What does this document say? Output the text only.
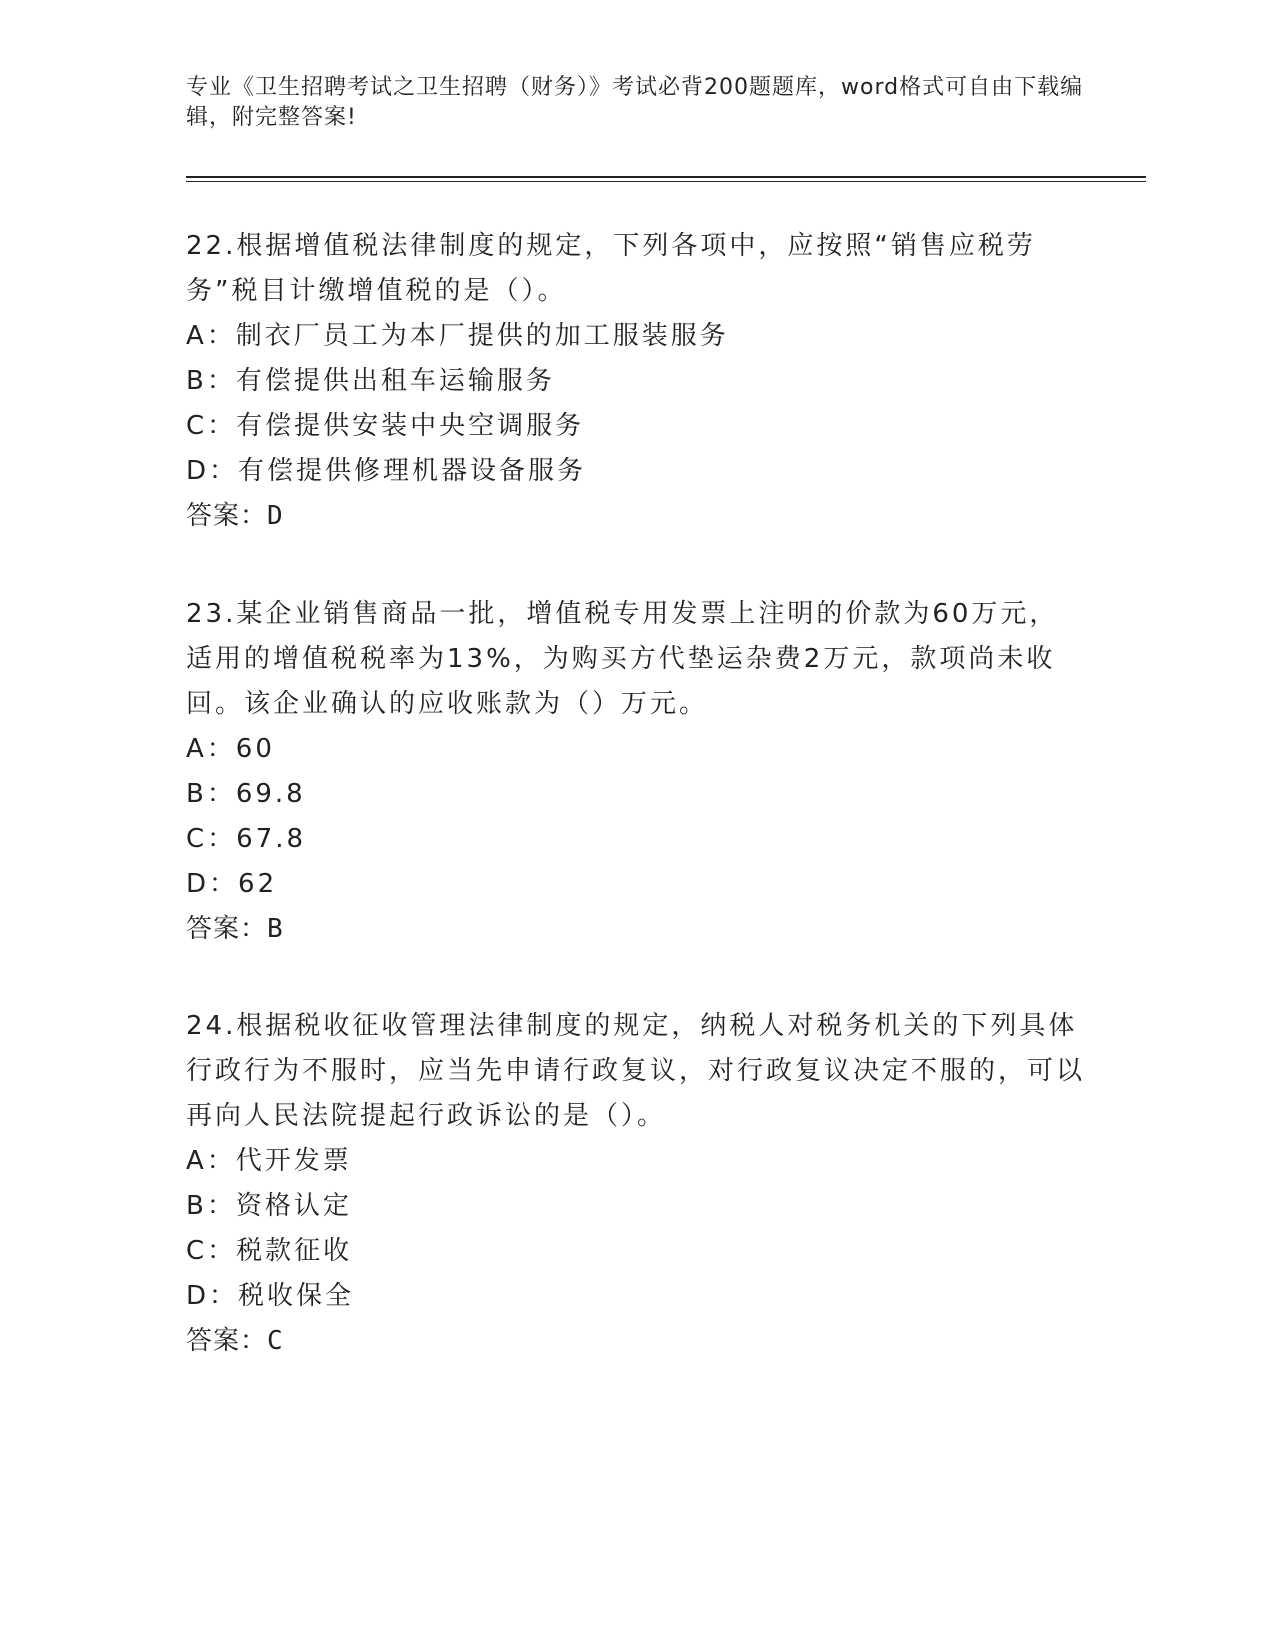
专业《卫生招聘考试之卫生招聘（财务）》考试必背200题题库，word格式可自由下载编辑，附完整答案!
22.根据增值税法律制度的规定，下列各项中，应按照“销售应税劳务”税目计缴增值税的是（）。
A：制衣厂员工为本厂提供的加工服装服务
B：有偿提供出租车运输服务
C：有偿提供安装中央空调服务
D：有偿提供修理机器设备服务
答案：D
23.某企业销售商品一批，增值税专用发票上注明的价款为60万元，适用的增值税税率为13%，为购买方代垫运杂费2万元，款项尚未收回。该企业确认的应收账款为（）万元。
A：60
B：69.8
C：67.8
D：62
答案：B
24.根据税收征收管理法律制度的规定，纳税人对税务机关的下列具体行政行为不服时，应当先申请行政复议，对行政复议决定不服的，可以再向人民法院提起行政诉讼的是（）。
A：代开发票
B：资格认定
C：税款征收
D：税收保全
答案：C
